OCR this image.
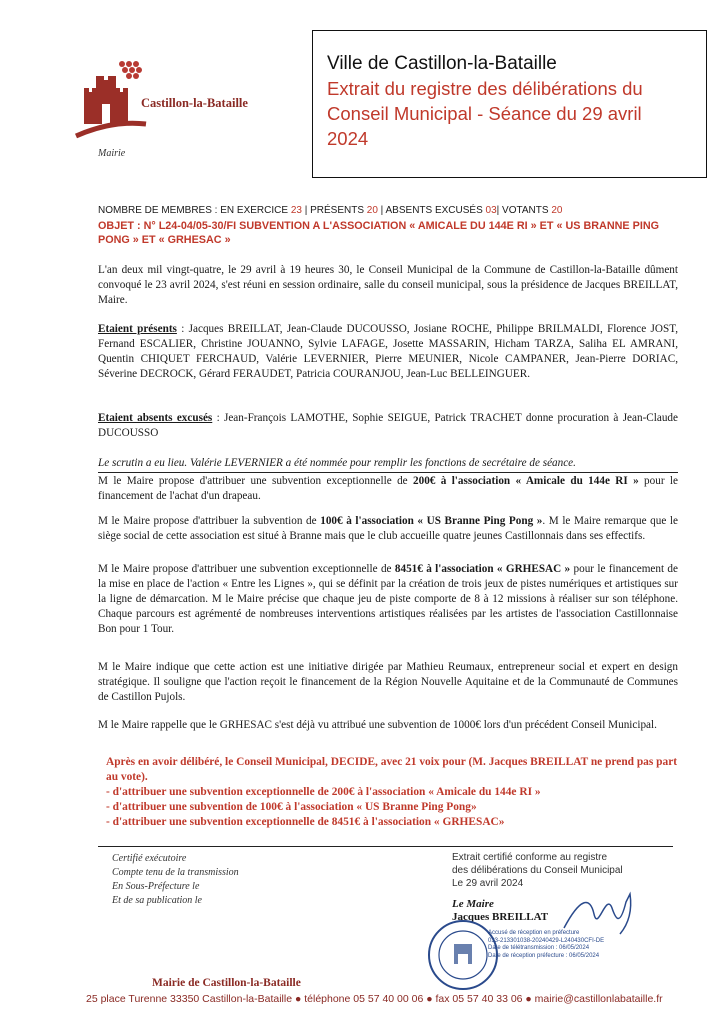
Castillon-la-Bataille
Mairie
Ville de Castillon-la-Bataille
Extrait du registre des délibérations du
Conseil Municipal - Séance du 29 avril
2024
NOMBRE DE MEMBRES : EN EXERCICE 23 | PRÉSENTS 20 | ABSENTS EXCUSÉS 03| VOTANTS 20
OBJET : N° L24-04/05-30/FI SUBVENTION A L'ASSOCIATION « AMICALE DU 144E RI » ET « US BRANNE PING PONG » ET « GRHESAC »
L'an deux mil vingt-quatre, le 29 avril à 19 heures 30, le Conseil Municipal de la Commune de Castillon-la-Bataille dûment convoqué le 23 avril 2024, s'est réuni en session ordinaire, salle du conseil municipal, sous la présidence de Jacques BREILLAT, Maire.
Etaient présents : Jacques BREILLAT, Jean-Claude DUCOUSSO, Josiane ROCHE, Philippe BRILMALDI, Florence JOST, Fernand ESCALIER, Christine JOUANNO, Sylvie LAFAGE, Josette MASSARIN, Hicham TARZA, Saliha EL AMRANI, Quentin CHIQUET FERCHAUD, Valérie LEVERNIER, Pierre MEUNIER, Nicole CAMPANER, Jean-Pierre DORIAC, Séverine DECROCK, Gérard FERAUDET, Patricia COURANJOU, Jean-Luc BELLEINGUER.
Etaient absents excusés : Jean-François LAMOTHE, Sophie SEIGUE, Patrick TRACHET donne procuration à Jean-Claude DUCOUSSO
Le scrutin a eu lieu. Valérie LEVERNIER a été nommée pour remplir les fonctions de secrétaire de séance.
M le Maire propose d'attribuer une subvention exceptionnelle de 200€ à l'association « Amicale du 144e RI » pour le financement de l'achat d'un drapeau.
M le Maire propose d'attribuer la subvention de 100€ à l'association « US Branne Ping Pong ». M le Maire remarque que le siège social de cette association est situé à Branne mais que le club accueille quatre jeunes Castillonnais dans ses effectifs.
M le Maire propose d'attribuer une subvention exceptionnelle de 8451€ à l'association « GRHESAC » pour le financement de la mise en place de l'action « Entre les Lignes », qui se définit par la création de trois jeux de pistes numériques et artistiques sur la ligne de démarcation. M le Maire précise que chaque jeu de piste comporte de 8 à 12 missions à réaliser sur son téléphone. Chaque parcours est agrémenté de nombreuses interventions artistiques réalisées par les artistes de l'association Castillonnaise Bon pour 1 Tour.
M le Maire indique que cette action est une initiative dirigée par Mathieu Reumaux, entrepreneur social et expert en design stratégique. Il souligne que l'action reçoit le financement de la Région Nouvelle Aquitaine et de la Communauté de Communes de Castillon Pujols.
M le Maire rappelle que le GRHESAC s'est déjà vu attribué une subvention de 1000€ lors d'un précédent Conseil Municipal.
Après en avoir délibéré, le Conseil Municipal, DECIDE, avec 21 voix pour (M. Jacques BREILLAT ne prend pas part au vote).
- d'attribuer une subvention exceptionnelle de 200€ à l'association « Amicale du 144e RI »
- d'attribuer une subvention de 100€ à l'association « US Branne Ping Pong»
- d'attribuer une subvention exceptionnelle de 8451€ à l'association « GRHESAC»
Certifié exécutoire
Compte tenu de la transmission
En Sous-Préfecture le
Et de sa publication le
Extrait certifié conforme au registre
des délibérations du Conseil Municipal
Le 29 avril 2024
Le Maire
Jacques BREILLAT
Accusé de réception en préfecture
033-213301038-20240429-L240430CFI-DE
Date de télétransmission : 06/05/2024
Date de réception préfecture : 06/05/2024
Mairie de Castillon-la-Bataille
25 place Turenne 33350 Castillon-la-Bataille ● téléphone 05 57 40 00 06 ● fax 05 57 40 33 06 ● mairie@castillonlabataille.fr
